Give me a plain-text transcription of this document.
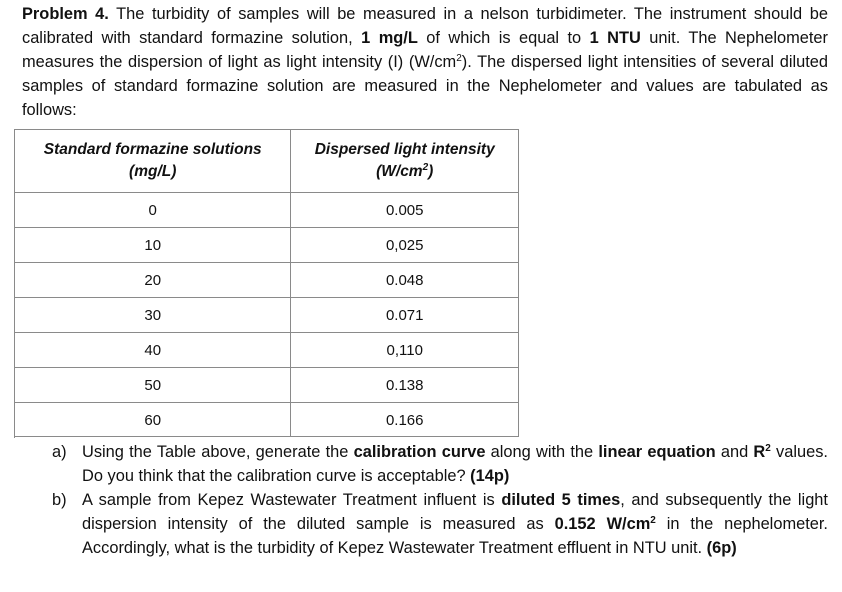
Problem 4. The turbidity of samples will be measured in a nelson turbidimeter. The instrument should be calibrated with standard formazine solution, 1 mg/L of which is equal to 1 NTU unit. The Nephelometer measures the dispersion of light as light intensity (I) $(W/cm^2)$. The dispersed light intensities of several diluted samples of standard formazine solution are measured in the Nephelometer and values are tabulated as follows:

Standard formazine solutions
(mg/L)	Dispersed light intensity
$(W/cm^2)$
0	0.005
10	0,025
20	0.048
30	0.071
40	0,110
50	0.138
60	0.166
a) Using the Table above, generate the calibration curve along with the linear equation and $R^2$ values. Do you think that the calibration curve is acceptable? (14p)
b) A sample from Kepez Wastewater Treatment influent is diluted 5 times, and subsequently the light dispersion intensity of the diluted sample is measured as 0.152 $W/cm^2$ in the nephelometer. Accordingly, what is the turbidity of Kepez Wastewater Treatment effluent in NTU unit. (6p)
